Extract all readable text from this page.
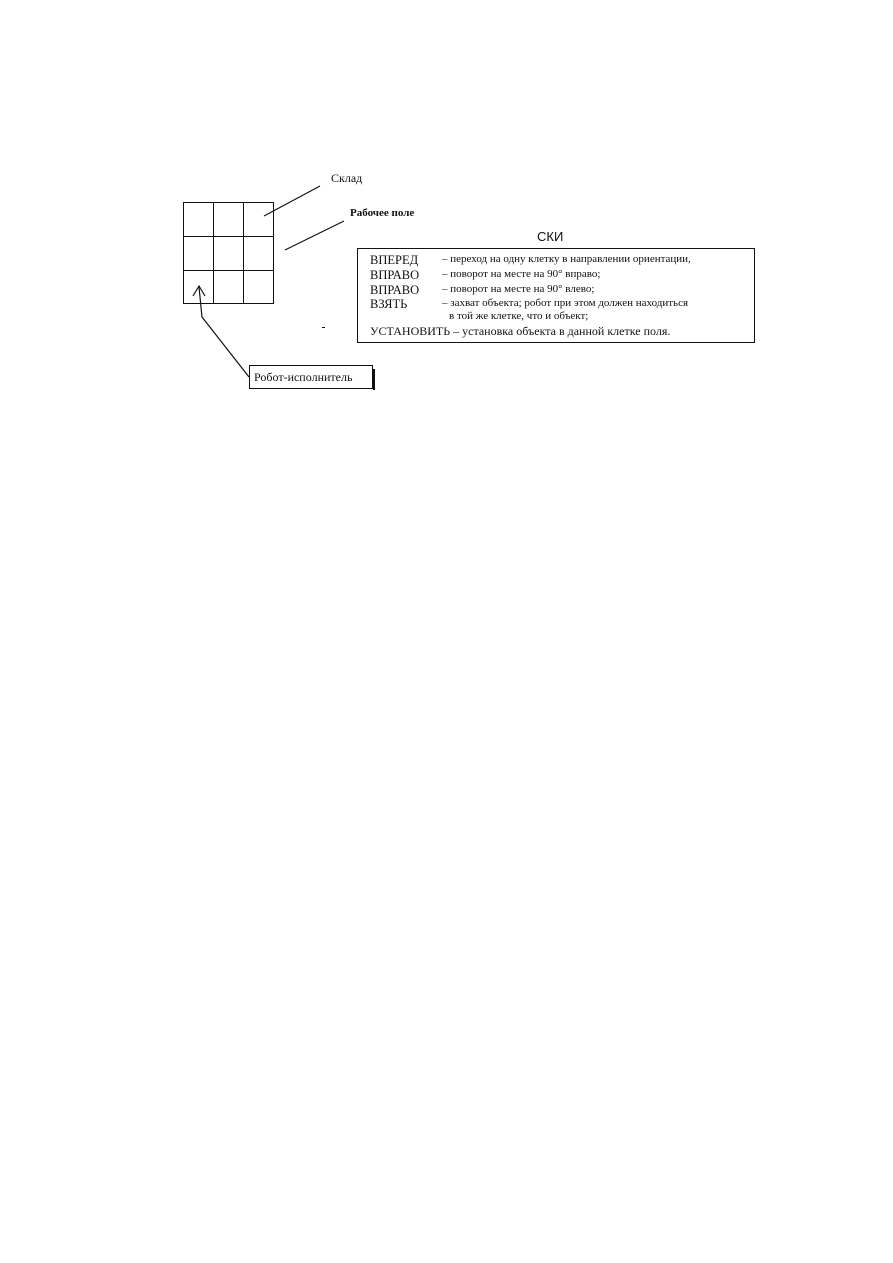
Склад
Рабочее поле
Робот-исполнитель
СКИ
ВПЕРЕД – переход на одну клетку в направлении ориентации,
ВПРАВО – поворот на месте на 90° вправо;
ВПРАВО – поворот на месте на 90° влево;
ВЗЯТЬ	– захват объекта; робот при этом должен находиться
в той же клетке, что и объект;
УСТАНОВИТЬ – установка объекта в данной клетке поля.
